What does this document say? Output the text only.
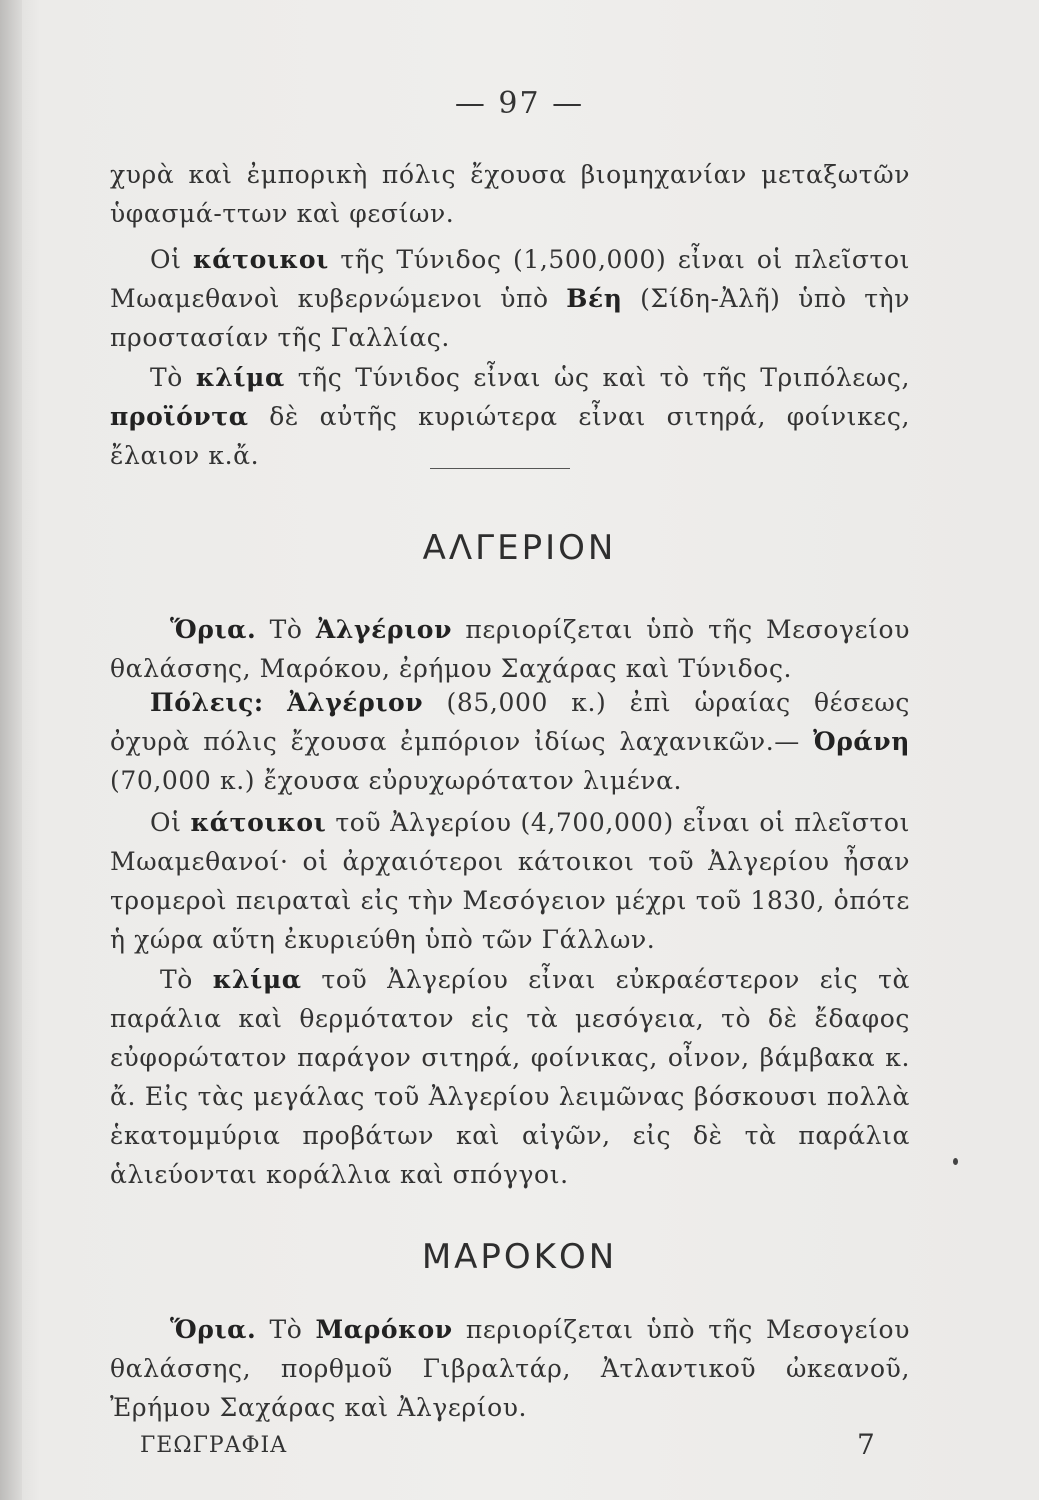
— 97 —
χυρὰ καὶ ἐμπορικὴ πόλις ἔχουσα βιομηχανίαν μεταξωτῶν ὑφασμά-ττων καὶ φεσίων.
Οἱ κάτοικοι τῆς Τύνιδος (1,500,000) εἶναι οἱ πλεῖστοι Μωαμεθανοὶ κυβερνώμενοι ὑπὸ Βέη (Σίδη-Ἀλῆ) ὑπὸ τὴν προστασίαν τῆς Γαλλίας.
Τὸ κλίμα τῆς Τύνιδος εἶναι ὡς καὶ τὸ τῆς Τριπόλεως, προϊόντα δὲ αὐτῆς κυριώτερα εἶναι σιτηρά, φοίνικες, ἔλαιον κ.ἄ.
ΑΛΓΕΡΙΟΝ
Ὅρια. Τὸ Ἀλγέριον περιορίζεται ὑπὸ τῆς Μεσογείου θαλάσσης, Μαρόκου, ἐρήμου Σαχάρας καὶ Τύνιδος.
Πόλεις: Ἀλγέριον (85,000 κ.) ἐπὶ ὡραίας θέσεως ὀχυρὰ πόλις ἔχουσα ἐμπόριον ἰδίως λαχανικῶν.— Ὀράνη (70,000 κ.) ἔχουσα εὐρυχωρότατον λιμένα.
Οἱ κάτοικοι τοῦ Ἀλγερίου (4,700,000) εἶναι οἱ πλεῖστοι Μωαμεθανοί· οἱ ἀρχαιότεροι κάτοικοι τοῦ Ἀλγερίου ἦσαν τρομεροὶ πειραταὶ εἰς τὴν Μεσόγειον μέχρι τοῦ 1830, ὁπότε ἡ χώρα αὕτη ἐκυριεύθη ὑπὸ τῶν Γάλλων.
Τὸ κλίμα τοῦ Ἀλγερίου εἶναι εὐκραέστερον εἰς τὰ παράλια καὶ θερμότατον εἰς τὰ μεσόγεια, τὸ δὲ ἔδαφος εὐφορώτατον παράγον σιτηρά, φοίνικας, οἶνον, βάμβακα κ. ἄ. Εἰς τὰς μεγάλας τοῦ Ἀλγερίου λειμῶνας βόσκουσι πολλὰ ἑκατομμύρια προβάτων καὶ αἰγῶν, εἰς δὲ τὰ παράλια ἁλιεύονται κοράλλια καὶ σπόγγοι.
ΜΑΡΟΚΟΝ
Ὅρια. Τὸ Μαρόκον περιορίζεται ὑπὸ τῆς Μεσογείου θαλάσσης, πορθμοῦ Γιβραλτάρ, Ἀτλαντικοῦ ὠκεανοῦ, Ἐρήμου Σαχάρας καὶ Ἀλγερίου.
ΓΕΩΓΡΑΦΙΑ	7
